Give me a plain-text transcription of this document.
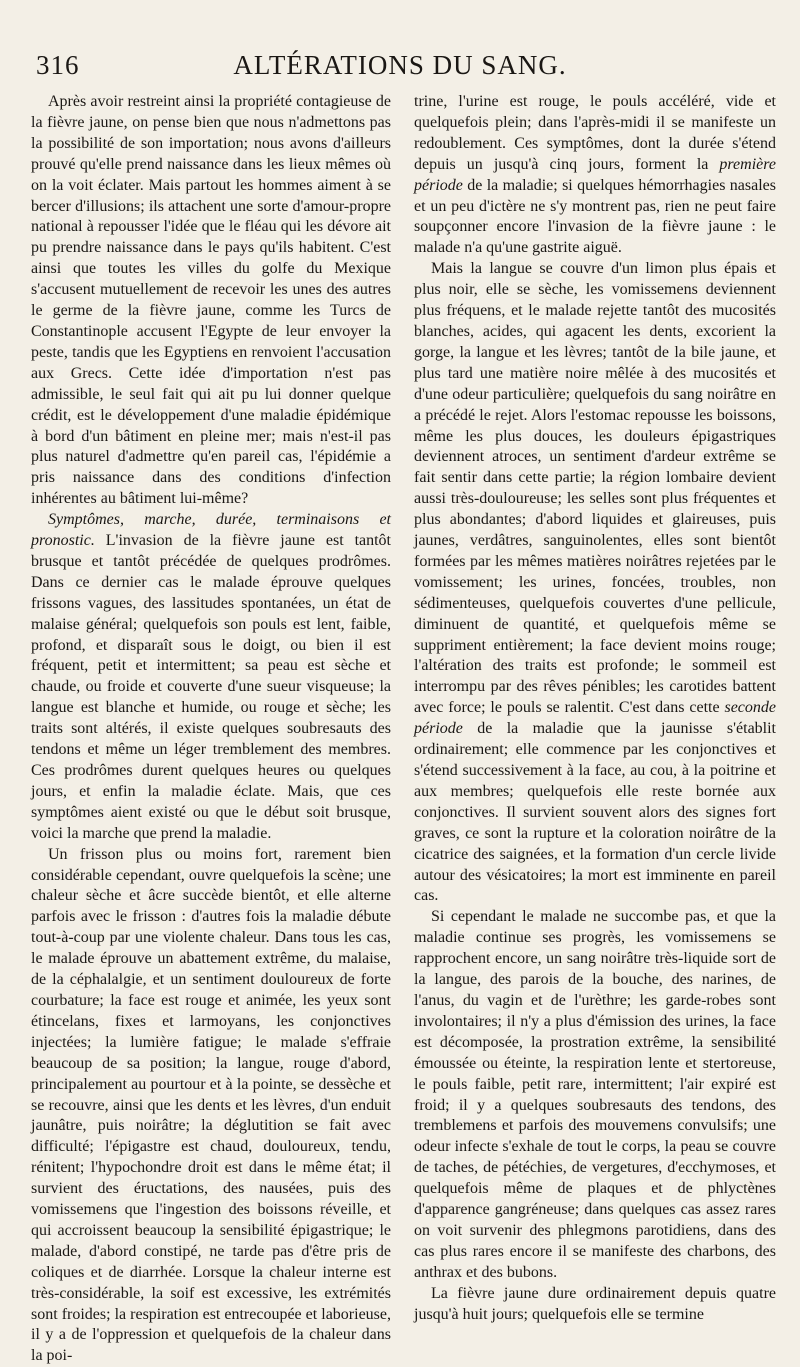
316	ALTÉRATIONS DU SANG.

Après avoir restreint ainsi la propriété contagieuse de la fièvre jaune, on pense bien que nous n'admettons pas la possibilité de son importation; nous avons d'ailleurs prouvé qu'elle prend naissance dans les lieux mêmes où on la voit éclater. Mais partout les hommes aiment à se bercer d'illusions; ils attachent une sorte d'amour-propre national à repousser l'idée que le fléau qui les dévore ait pu prendre naissance dans le pays qu'ils habitent. C'est ainsi que toutes les villes du golfe du Mexique s'accusent mutuellement de recevoir les unes des autres le germe de la fièvre jaune, comme les Turcs de Constantinople accusent l'Egypte de leur envoyer la peste, tandis que les Egyptiens en renvoient l'accusation aux Grecs. Cette idée d'importation n'est pas admissible, le seul fait qui ait pu lui donner quelque crédit, est le développement d'une maladie épidémique à bord d'un bâtiment en pleine mer; mais n'est-il pas plus naturel d'admettre qu'en pareil cas, l'épidémie a pris naissance dans des conditions d'infection inhérentes au bâtiment lui-même?

Symptômes, marche, durée, terminaisons et pronostic. L'invasion de la fièvre jaune est tantôt brusque et tantôt précédée de quelques prodrômes. Dans ce dernier cas le malade éprouve quelques frissons vagues, des lassitudes spontanées, un état de malaise général; quelquefois son pouls est lent, faible, profond, et disparaît sous le doigt, ou bien il est fréquent, petit et intermittent; sa peau est sèche et chaude, ou froide et couverte d'une sueur visqueuse; la langue est blanche et humide, ou rouge et sèche; les traits sont altérés, il existe quelques soubresauts des tendons et même un léger tremblement des membres. Ces prodrômes durent quelques heures ou quelques jours, et enfin la maladie éclate. Mais, que ces symptômes aient existé ou que le début soit brusque, voici la marche que prend la maladie.

Un frisson plus ou moins fort, rarement bien considérable cependant, ouvre quelquefois la scène; une chaleur sèche et âcre succède bientôt, et elle alterne parfois avec le frisson : d'autres fois la maladie débute tout-à-coup par une violente chaleur. Dans tous les cas, le malade éprouve un abattement extrême, du malaise, de la céphalalgie, et un sentiment douloureux de forte courbature; la face est rouge et animée, les yeux sont étincelans, fixes et larmoyans, les conjonctives injectées; la lumière fatigue; le malade s'effraie beaucoup de sa position; la langue, rouge d'abord, principalement au pourtour et à la pointe, se dessèche et se recouvre, ainsi que les dents et les lèvres, d'un enduit jaunâtre, puis noirâtre; la déglutition se fait avec difficulté; l'épigastre est chaud, douloureux, tendu, rénitent; l'hypochondre droit est dans le même état; il survient des éructations, des nausées, puis des vomissemens que l'ingestion des boissons réveille, et qui accroissent beaucoup la sensibilité épigastrique; le malade, d'abord constipé, ne tarde pas d'être pris de coliques et de diarrhée. Lorsque la chaleur interne est très-considérable, la soif est excessive, les extrémités sont froides; la respiration est entrecoupée et laborieuse, il y a de l'oppression et quelquefois de la chaleur dans la poi-

trine, l'urine est rouge, le pouls accéléré, vide et quelquefois plein; dans l'après-midi il se manifeste un redoublement. Ces symptômes, dont la durée s'étend depuis un jusqu'à cinq jours, forment la première période de la maladie; si quelques hémorrhagies nasales et un peu d'ictère ne s'y montrent pas, rien ne peut faire soupçonner encore l'invasion de la fièvre jaune : le malade n'a qu'une gastrite aiguë.

Mais la langue se couvre d'un limon plus épais et plus noir, elle se sèche, les vomissemens deviennent plus fréquens, et le malade rejette tantôt des mucosités blanches, acides, qui agacent les dents, excorient la gorge, la langue et les lèvres; tantôt de la bile jaune, et plus tard une matière noire mêlée à des mucosités et d'une odeur particulière; quelquefois du sang noirâtre en a précédé le rejet. Alors l'estomac repousse les boissons, même les plus douces, les douleurs épigastriques deviennent atroces, un sentiment d'ardeur extrême se fait sentir dans cette partie; la région lombaire devient aussi très-douloureuse; les selles sont plus fréquentes et plus abondantes; d'abord liquides et glaireuses, puis jaunes, verdâtres, sanguinolentes, elles sont bientôt formées par les mêmes matières noirâtres rejetées par le vomissement; les urines, foncées, troubles, non sédimenteuses, quelquefois couvertes d'une pellicule, diminuent de quantité, et quelquefois même se suppriment entièrement; la face devient moins rouge; l'altération des traits est profonde; le sommeil est interrompu par des rêves pénibles; les carotides battent avec force; le pouls se ralentit. C'est dans cette seconde période de la maladie que la jaunisse s'établit ordinairement; elle commence par les conjonctives et s'étend successivement à la face, au cou, à la poitrine et aux membres; quelquefois elle reste bornée aux conjonctives. Il survient souvent alors des signes fort graves, ce sont la rupture et la coloration noirâtre de la cicatrice des saignées, et la formation d'un cercle livide autour des vésicatoires; la mort est imminente en pareil cas.

Si cependant le malade ne succombe pas, et que la maladie continue ses progrès, les vomissemens se rapprochent encore, un sang noirâtre très-liquide sort de la langue, des parois de la bouche, des narines, de l'anus, du vagin et de l'urèthre; les garde-robes sont involontaires; il n'y a plus d'émission des urines, la face est décomposée, la prostration extrême, la sensibilité émoussée ou éteinte, la respiration lente et stertoreuse, le pouls faible, petit rare, intermittent; l'air expiré est froid; il y a quelques soubresauts des tendons, des tremblemens et parfois des mouvemens convulsifs; une odeur infecte s'exhale de tout le corps, la peau se couvre de taches, de pétéchies, de vergetures, d'ecchymoses, et quelquefois même de plaques et de phlyctènes d'apparence gangréneuse; dans quelques cas assez rares on voit survenir des phlegmons parotidiens, dans des cas plus rares encore il se manifeste des charbons, des anthrax et des bubons.

La fièvre jaune dure ordinairement depuis quatre jusqu'à huit jours; quelquefois elle se termine
